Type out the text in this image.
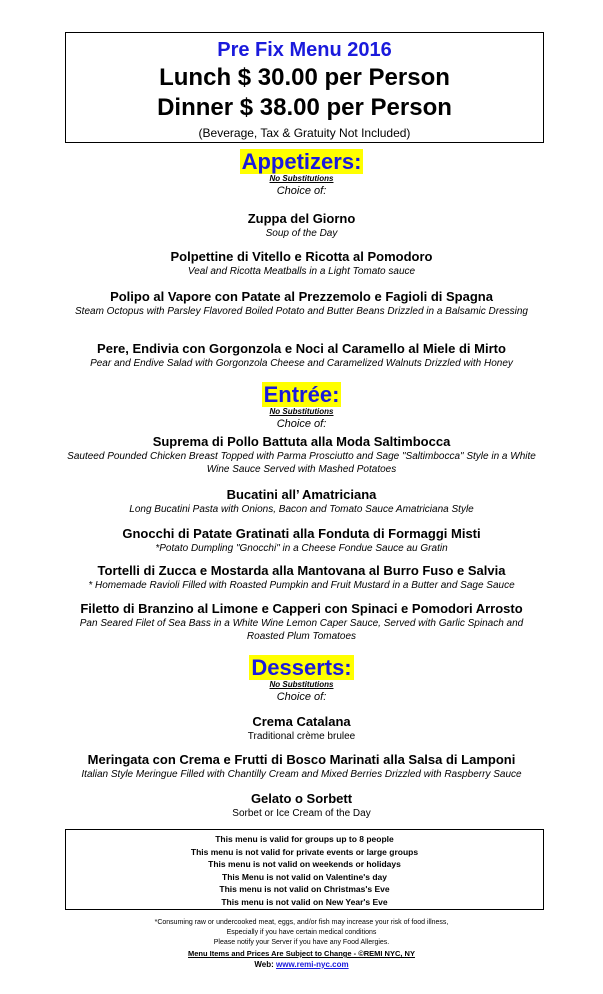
Pre Fix Menu 2016
Lunch $ 30.00 per Person
Dinner $ 38.00 per Person
(Beverage, Tax & Gratuity Not Included)
Appetizers:
No Substitutions
Choice of:
Zuppa del Giorno
Soup of the Day
Polpettine di Vitello e Ricotta al Pomodoro
Veal and Ricotta Meatballs in a Light Tomato sauce
Polipo al Vapore con Patate al Prezzemolo e Fagioli di Spagna
Steam Octopus with Parsley Flavored Boiled Potato and Butter Beans Drizzled in a Balsamic Dressing
Pere, Endivia con Gorgonzola e Noci al Caramello al Miele di Mirto
Pear and Endive Salad with Gorgonzola Cheese and Caramelized Walnuts Drizzled with Honey
Entrée:
No Substitutions
Choice of:
Suprema di Pollo Battuta alla Moda Saltimbocca
Sauteed Pounded Chicken Breast Topped with Parma Prosciutto and Sage "Saltimbocca" Style in a White Wine Sauce Served with Mashed Potatoes
Bucatini all’ Amatriciana
Long Bucatini Pasta with Onions, Bacon and Tomato Sauce Amatriciana Style
Gnocchi di Patate Gratinati alla Fonduta di Formaggi Misti
*Potato Dumpling "Gnocchi" in a Cheese Fondue Sauce au Gratin
Tortelli di Zucca e Mostarda alla Mantovana al Burro Fuso e Salvia
* Homemade Ravioli Filled with Roasted Pumpkin and Fruit Mustard in a Butter and Sage Sauce
Filetto di Branzino al Limone e Capperi con Spinaci e Pomodori Arrosto
Pan Seared Filet of Sea Bass in a White Wine Lemon Caper Sauce, Served with Garlic Spinach and Roasted Plum Tomatoes
Desserts:
No Substitutions
Choice of:
Crema Catalana
Traditional crème brulee
Meringata con Crema e Frutti di Bosco Marinati alla Salsa di Lamponi
Italian Style Meringue Filled with Chantilly Cream and Mixed Berries Drizzled with Raspberry Sauce
Gelato o Sorbett
Sorbet or Ice Cream of the Day
This menu is valid for groups up to 8 people
This menu is not valid for private events or large groups
This menu is not valid on weekends or holidays
This Menu is not valid on Valentine's day
This menu is not valid on Christmas's Eve
This menu is not valid on New Year's Eve
*Consuming raw or undercooked meat, eggs, and/or fish may increase your risk of food illness,
Especially if you have certain medical conditions
Please notify your Server if you have any Food Allergies.
Menu Items and Prices Are Subject to Change - ©REMI NYC, NY
Web: www.remi-nyc.com
